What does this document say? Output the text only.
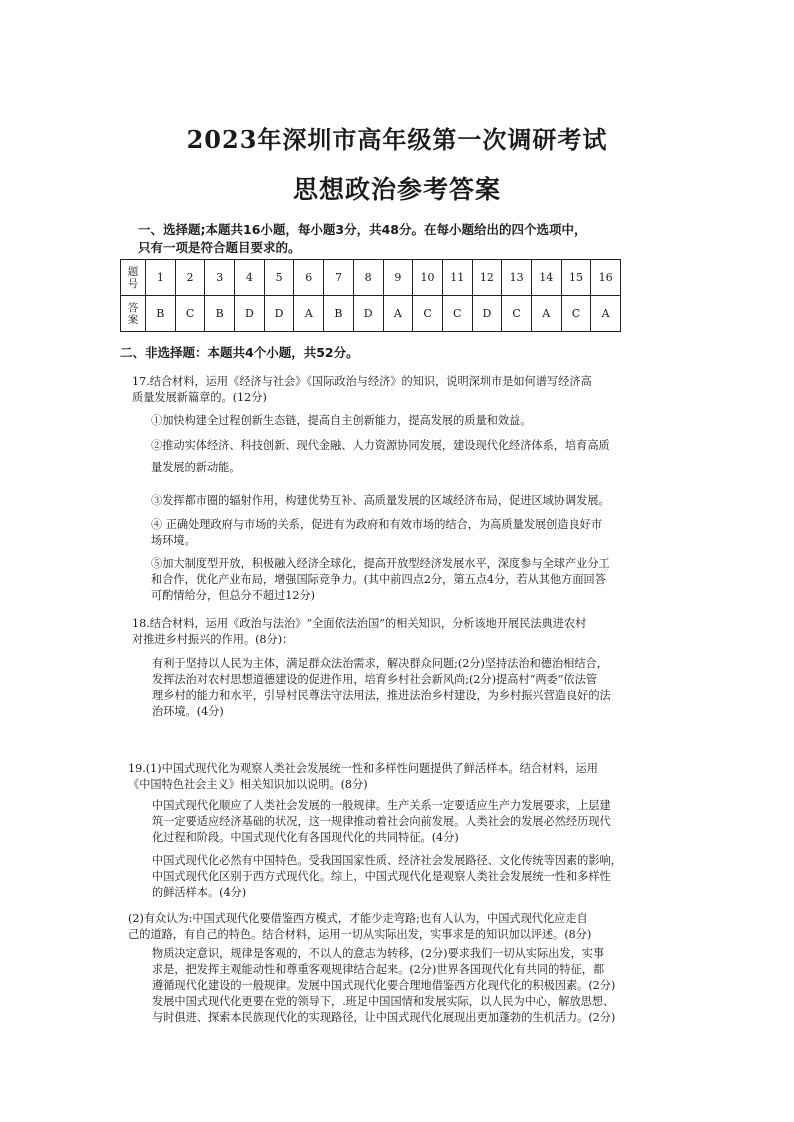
2023年深圳市高年级第一次调研考试
思想政治参考答案
一、选择题;本题共16小题，每小题3分，共48分。在每小题给出的四个选项中，
只有一项是符合题目要求的。
题
号	1	2	3	4	5	6	7	8	9	10	11	12	13	14	15	16
答
案	B	C	B	D	D	A	B	D	A	C	C	D	C	A	C	A
二、非选择题：本题共4个小题，共52分。
17.结合材料，运用《经济与社会》《国际政治与经济》的知识，说明深圳市是如何谱写经济高
质量发展新篇章的。(12分)
①加快构建全过程创新生态链，提高自主创新能力，提高发展的质量和效益。
②推动实体经济、科技创新、现代金融、人力资源协同发展，建设现代化经济体系，培育高质
量发展的新动能。
③发挥都市圈的辐射作用，构建优势互补、高质量发展的区域经济布局，促进区域协调发展。
④ 正确处理政府与市场的关系，促进有为政府和有效市场的结合，为高质量发展创造良好市
场环境。
⑤加大制度型开放，积极融入经济全球化，提高开放型经济发展水平，深度参与全球产业分工
和合作，优化产业布局，增强国际竞争力。(其中前四点2分，第五点4分，若从其他方面回答
可酌情给分，但总分不超过12分)
18.结合材料，运用《政治与法治》“全面依法治国”的相关知识，分析该地开展民法典进农村
对推进乡村振兴的作用。(8分)：
有利于坚持以人民为主体，满足群众法治需求，解决群众问题;(2分)坚持法治和德治相结合，
发挥法治对农村思想道德建设的促进作用，培育乡村社会新风尚;(2分)提高村“两委”依法管
理乡村的能力和水平，引导村民尊法守法用法，推进法治乡村建设，为乡村振兴营造良好的法
治环境。(4分)
19.(1)中国式现代化为观察人类社会发展统一性和多样性问题提供了鲜活样本。结合材料，运用
《中国特色社会主义》相关知识加以说明。(8分)
中国式现代化顺应了人类社会发展的一般规律。生产关系一定要适应生产力发展要求，上层建
筑一定要适应经济基础的状况，这一规律推动着社会向前发展。人类社会的发展必然经历现代
化过程和阶段。中国式现代化有各国现代化的共同特征。(4分)
中国式现代化必然有中国特色。受我国国家性质、经济社会发展路径、文化传统等因素的影响，
中国式现代化区别于西方式现代化。综上，中国式现代化是观察人类社会发展统一性和多样性
的鲜活样本。(4分)
(2)有众认为:中国式现代化要借鉴西方模式，才能少走弯路;也有人认为，中国式现代化应走自
己的道路，有自己的特色。结合材料，运用一切从实际出发，实事求是的知识加以评述。(8分)
物质决定意识，规律是客观的，不以人的意志为转移，(2分)要求我们一切从实际出发，实事
求是，把发挥主观能动性和尊重客观规律结合起来。(2分)世界各国现代化有共同的特征，都
遵循现代化建设的一般规律。发展中国式现代化要合理地借鉴西方化现代化的积极因素。(2分)
发展中国式现代化更要在党的领导下，.班足中国国情和发展实际，以人民为中心，解放思想、
与时俱进、探索本民族现代化的实现路径，让中国式现代化展现出更加蓬勃的生机活力。(2分)
